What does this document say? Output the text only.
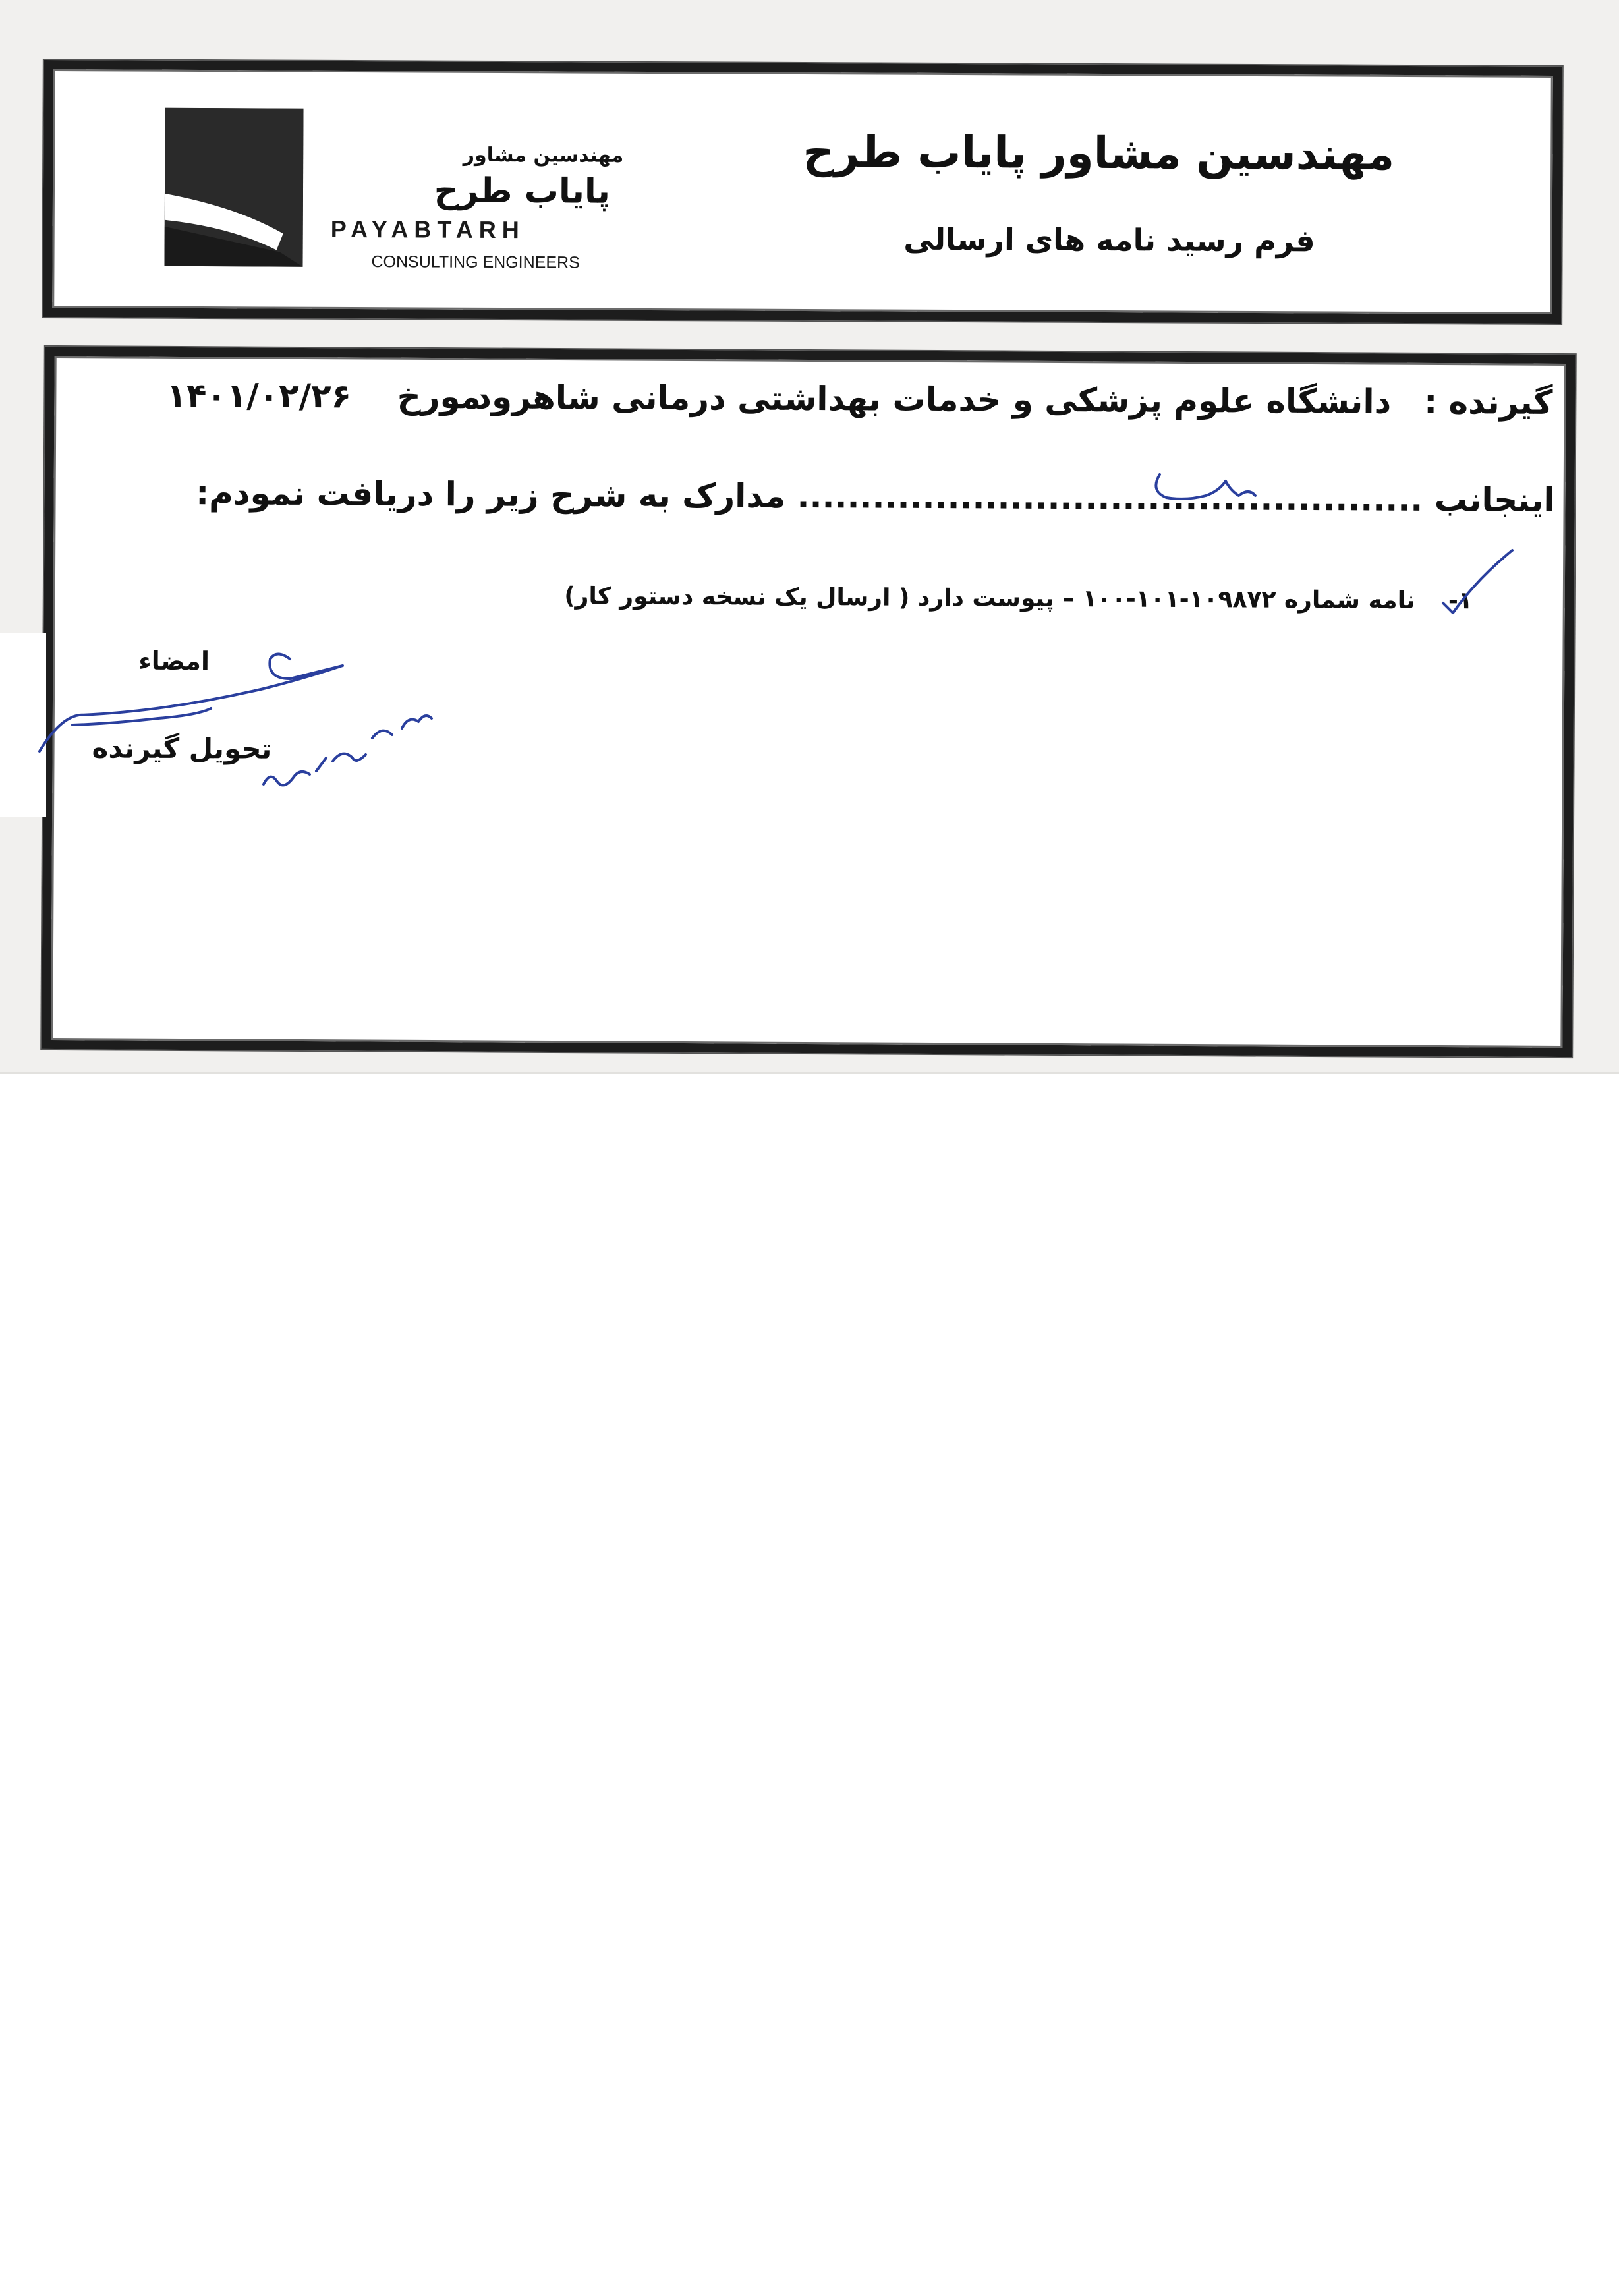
مهندسین مشاور
پایاب طرح
PAYABTARH
CONSULTING ENGINEERS
مهندسین مشاور پایاب طرح
فرم رسید نامه های ارسالی
گیرنده :دانشگاه علوم پزشکی و خدمات بهداشتی درمانی شاهرود
مورخ    ۱۴۰۱/۰۲/۲۶
اینجانب .................................................. مدارک به شرح زیر را دریافت نمودم:
۱-    نامه شماره ۱۰۹۸۷۲-۱۰۱-۱۰۰ – پیوست دارد ( ارسال یک نسخه دستور کار)
امضاء
تحویل گیرنده
